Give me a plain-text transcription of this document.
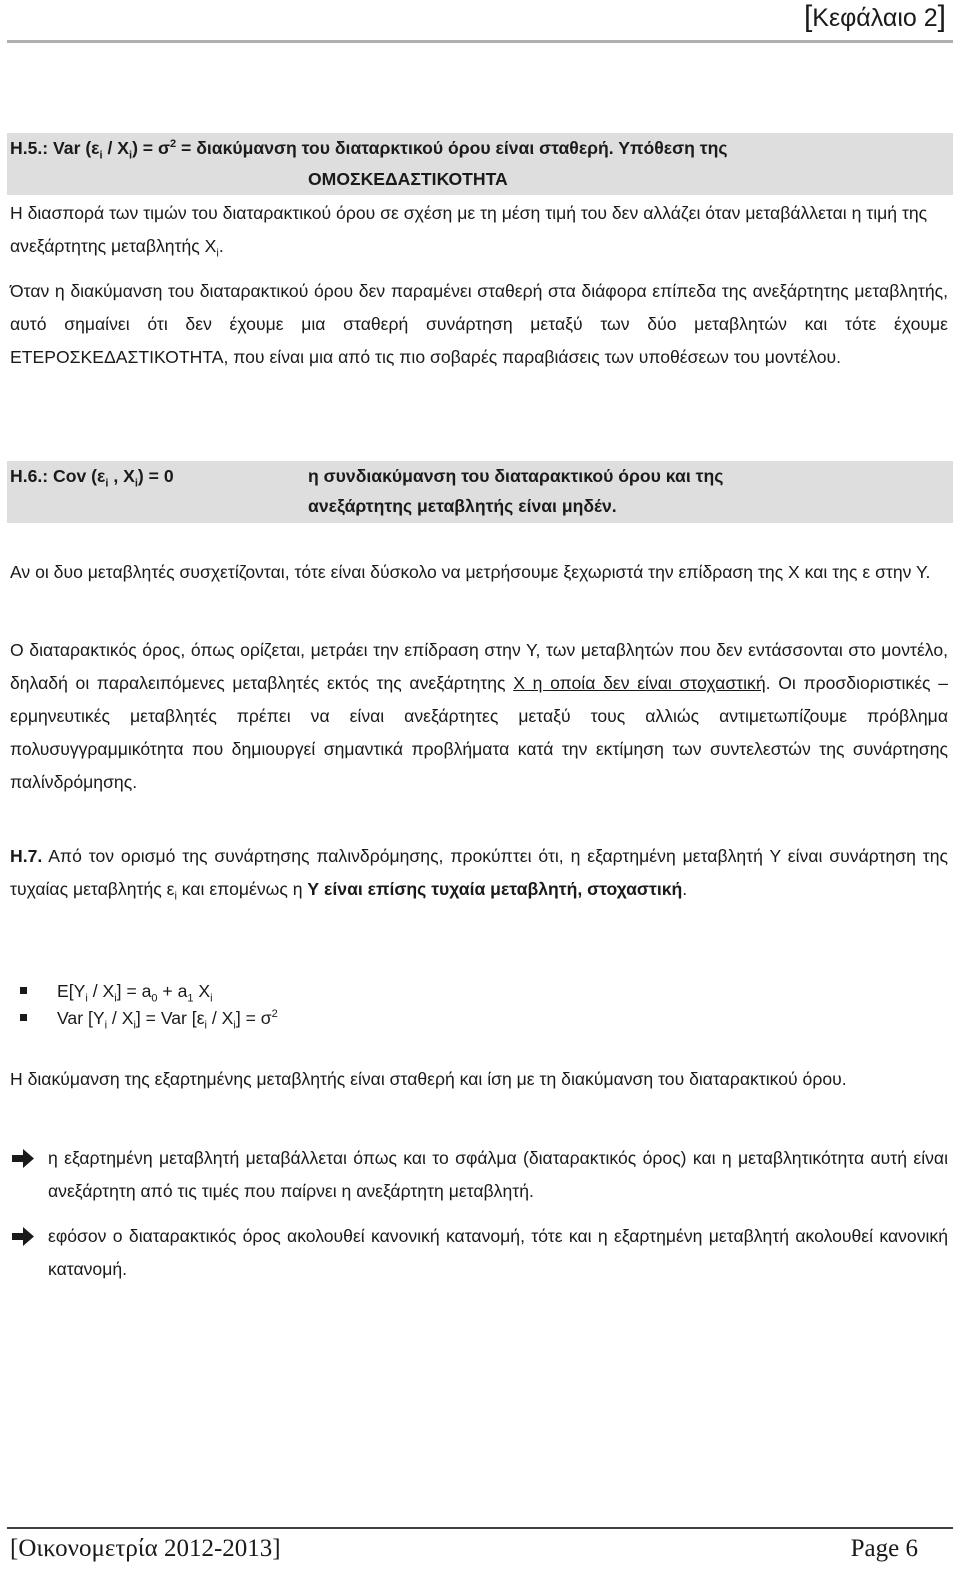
[Κεφάλαιο 2]
Η.5.: Var $(\varepsilon_i / X_i) = \sigma^2 = \delta\iota\alpha\kappa ύ\mu\alpha\nu\sigma\eta$ του διαταρκτικού όρου είναι σταθερή. Υπόθεση της
ΟΜΟΣΚΕΔΑΣΤΙΚΟΤΗΤΑ
Η διασπορά των τιμών του διαταρακτικού όρου σε σχέση με τη μέση τιμή του δεν αλλάζει όταν μεταβάλλεται η τιμή της ανεξάρτητης μεταβλητής $X_i$.
Όταν η διακύμανση του διαταρακτικού όρου δεν παραμένει σταθερή στα διάφορα επίπεδα της ανεξάρτητης μεταβλητής, αυτό σημαίνει ότι δεν έχουμε μια σταθερή συνάρτηση μεταξύ των δύο μεταβλητών και τότε έχουμε ΕΤΕΡΟΣΚΕΔΑΣΤΙΚΟΤΗΤΑ, που είναι μια από τις πιο σοβαρές παραβιάσεις των υποθέσεων του μοντέλου.
Η.6.: Cov ($\varepsilon_i$ , $X_i) = 0$	η συνδιακύμανση του διαταρακτικού όρου και της
ανεξάρτητης μεταβλητής είναι μηδέν.
Αν οι δυο μεταβλητές συσχετίζονται, τότε είναι δύσκολο να μετρήσουμε ξεχωριστά την επίδραση της X και της ε στην Υ.
Ο διαταρακτικός όρος, όπως ορίζεται, μετράει την επίδραση στην Υ, των μεταβλητών που δεν εντάσσονται στο μοντέλο, δηλαδή οι παραλειπόμενες μεταβλητές εκτός της ανεξάρτητης X η οποία δεν είναι στοχαστική. Οι προσδιοριστικές – ερμηνευτικές μεταβλητές πρέπει να είναι ανεξάρτητες μεταξύ τους αλλιώς αντιμετωπίζουμε πρόβλημα πολυσυγγραμμικότητα που δημιουργεί σημαντικά προβλήματα κατά την εκτίμηση των συντελεστών της συνάρτησης παλίνδρόμησης.
Η.7. Από τον ορισμό της συνάρτησης παλινδρόμησης, προκύπτει ότι, η εξαρτημένη μεταβλητή Υ είναι συνάρτηση της τυχαίας μεταβλητής $\varepsilon_i$ και επομένως η Υ είναι επίσης τυχαία μεταβλητή, στοχαστική.
$E[Y_i / X_i] = a_0 + a_1$ $X_i$
Var $[Y_i / X_i]$ = Var $[\varepsilon_i / X_i] = \sigma^2$
Η διακύμανση της εξαρτημένης μεταβλητής είναι σταθερή και ίση με τη διακύμανση του διαταρακτικού όρου.
η εξαρτημένη μεταβλητή μεταβάλλεται όπως και το σφάλμα (διαταρακτικός όρος) και η μεταβλητικότητα αυτή είναι ανεξάρτητη από τις τιμές που παίρνει η ανεξάρτητη μεταβλητή.
εφόσον ο διαταρακτικός όρος ακολουθεί κανονική κατανομή, τότε και η εξαρτημένη μεταβλητή ακολουθεί κανονική κατανομή.
[Οικονομετρία 2012-2013]	Page 6
